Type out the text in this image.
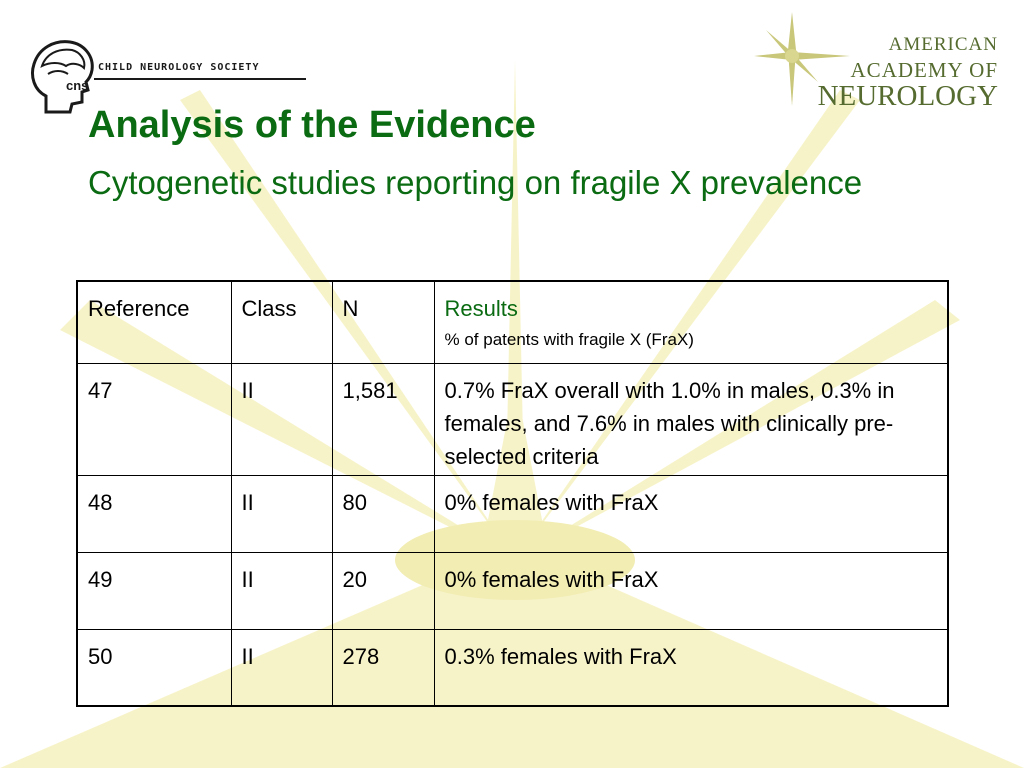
cns
CHILD NEUROLOGY SOCIETY
AMERICAN
ACADEMY OF
NEUROLOGY
Analysis of the Evidence
Cytogenetic studies reporting on fragile X prevalence
Reference	Class	N	Results
% of patents with fragile X (FraX)

47	II	1,581	0.7% FraX overall with 1.0% in males, 0.3% in females, and 7.6% in males with clinically pre-selected criteria
48	II	80	0% females with FraX
49	II	20	0% females with FraX
50	II	278	0.3% females with FraX
